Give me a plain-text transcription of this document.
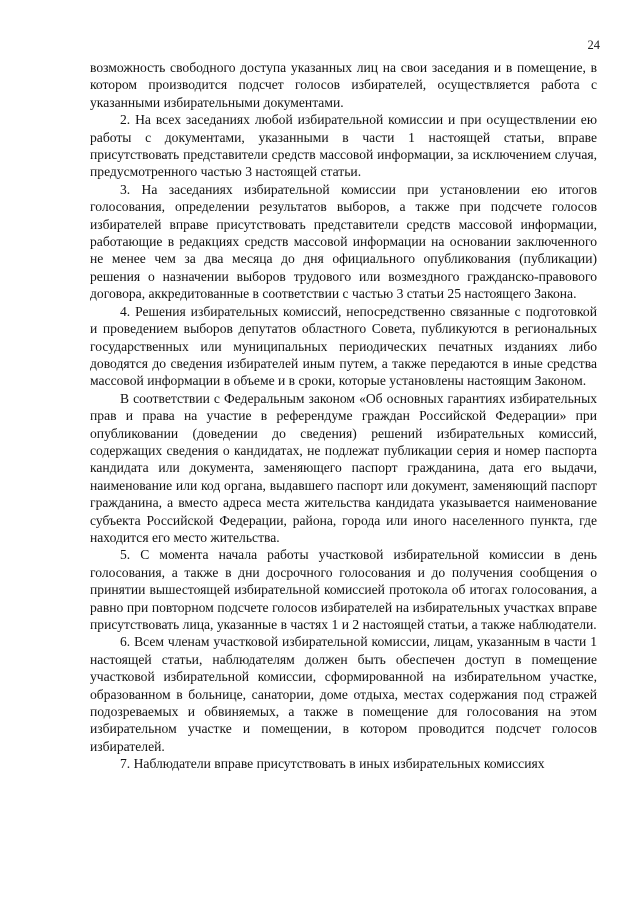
24

возможность свободного доступа указанных лиц на свои заседания и в помещение, в котором производится подсчет голосов избирателей, осуществляется работа с указанными избирательными документами.

2. На всех заседаниях любой избирательной комиссии и при осуществлении ею работы с документами, указанными в части 1 настоящей статьи, вправе присутствовать представители средств массовой информации, за исключением случая, предусмотренного частью 3 настоящей статьи.

3. На заседаниях избирательной комиссии при установлении ею итогов голосования, определении результатов выборов, а также при подсчете голосов избирателей вправе присутствовать представители средств массовой информации, работающие в редакциях средств массовой информации на основании заключенного не менее чем за два месяца до дня официального опубликования (публикации) решения о назначении выборов трудового или возмездного гражданско-правового договора, аккредитованные в соответствии с частью 3 статьи 25 настоящего Закона.

4. Решения избирательных комиссий, непосредственно связанные с подготовкой и проведением выборов депутатов областного Совета, публикуются в региональных государственных или муниципальных периодических печатных изданиях либо доводятся до сведения избирателей иным путем, а также передаются в иные средства массовой информации в объеме и в сроки, которые установлены настоящим Законом.

В соответствии с Федеральным законом «Об основных гарантиях избирательных прав и права на участие в референдуме граждан Российской Федерации» при опубликовании (доведении до сведения) решений избирательных комиссий, содержащих сведения о кандидатах, не подлежат публикации серия и номер паспорта кандидата или документа, заменяющего паспорт гражданина, дата его выдачи, наименование или код органа, выдавшего паспорт или документ, заменяющий паспорт гражданина, а вместо адреса места жительства кандидата указывается наименование субъекта Российской Федерации, района, города или иного населенного пункта, где находится его место жительства.

5. С момента начала работы участковой избирательной комиссии в день голосования, а также в дни досрочного голосования и до получения сообщения о принятии вышестоящей избирательной комиссией протокола об итогах голосования, а равно при повторном подсчете голосов избирателей на избирательных участках вправе присутствовать лица, указанные в частях 1 и 2 настоящей статьи, а также наблюдатели.

6. Всем членам участковой избирательной комиссии, лицам, указанным в части 1 настоящей статьи, наблюдателям должен быть обеспечен доступ в помещение участковой избирательной комиссии, сформированной на избирательном участке, образованном в больнице, санатории, доме отдыха, местах содержания под стражей подозреваемых и обвиняемых, а также в помещение для голосования на этом избирательном участке и помещении, в котором проводится подсчет голосов избирателей.

7. Наблюдатели вправе присутствовать в иных избирательных комиссиях
